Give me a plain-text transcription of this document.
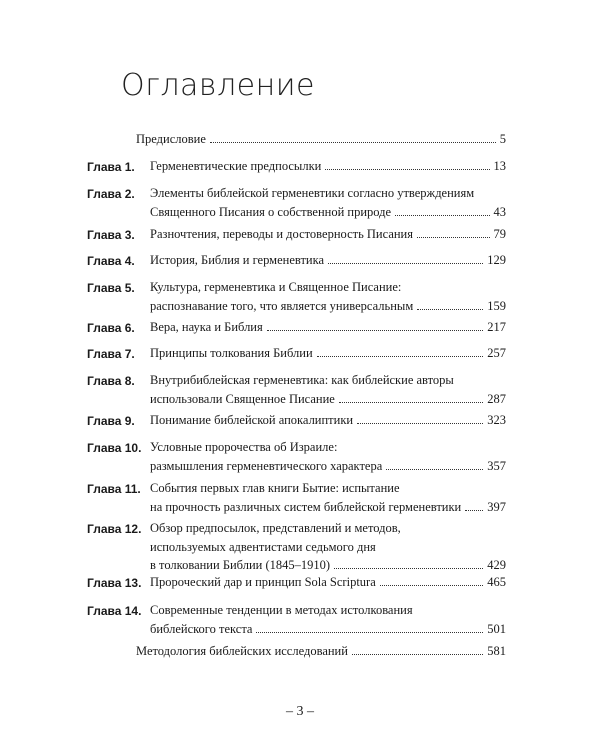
Оглавление
Предисловие	5
Глава 1.	Герменевтические предпосылки	13
Глава 2.	Элементы библейской герменевтики согласно утверждениям
Священного Писания о собственной природе	43
Глава 3.	Разночтения, переводы и достоверность Писания	79
Глава 4.	История, Библия и герменевтика	129
Глава 5.	Культура, герменевтика и Священное Писание:
распознавание того, что является универсальным	159
Глава 6.	Вера, наука и Библия	217
Глава 7.	Принципы толкования Библии	257
Глава 8.	Внутрибиблейская герменевтика: как библейские авторы
использовали Священное Писание	287
Глава 9.	Понимание библейской апокалиптики	323
Глава 10. Условные пророчества об Израиле:
размышления герменевтического характера	357
Глава 11. События первых глав книги Бытие: испытание
на прочность различных систем библейской герменевтики 397
Глава 12. Обзор предпосылок, представлений и методов,
используемых адвентистами седьмого дня
в толковании Библии (1845–1910)	429
Глава 13. Пророческий дар и принцип Sola Scriptura	465
Глава 14. Современные тенденции в методах истолкования
библейского текста	501
Методология библейских исследований	581
– 3 –
